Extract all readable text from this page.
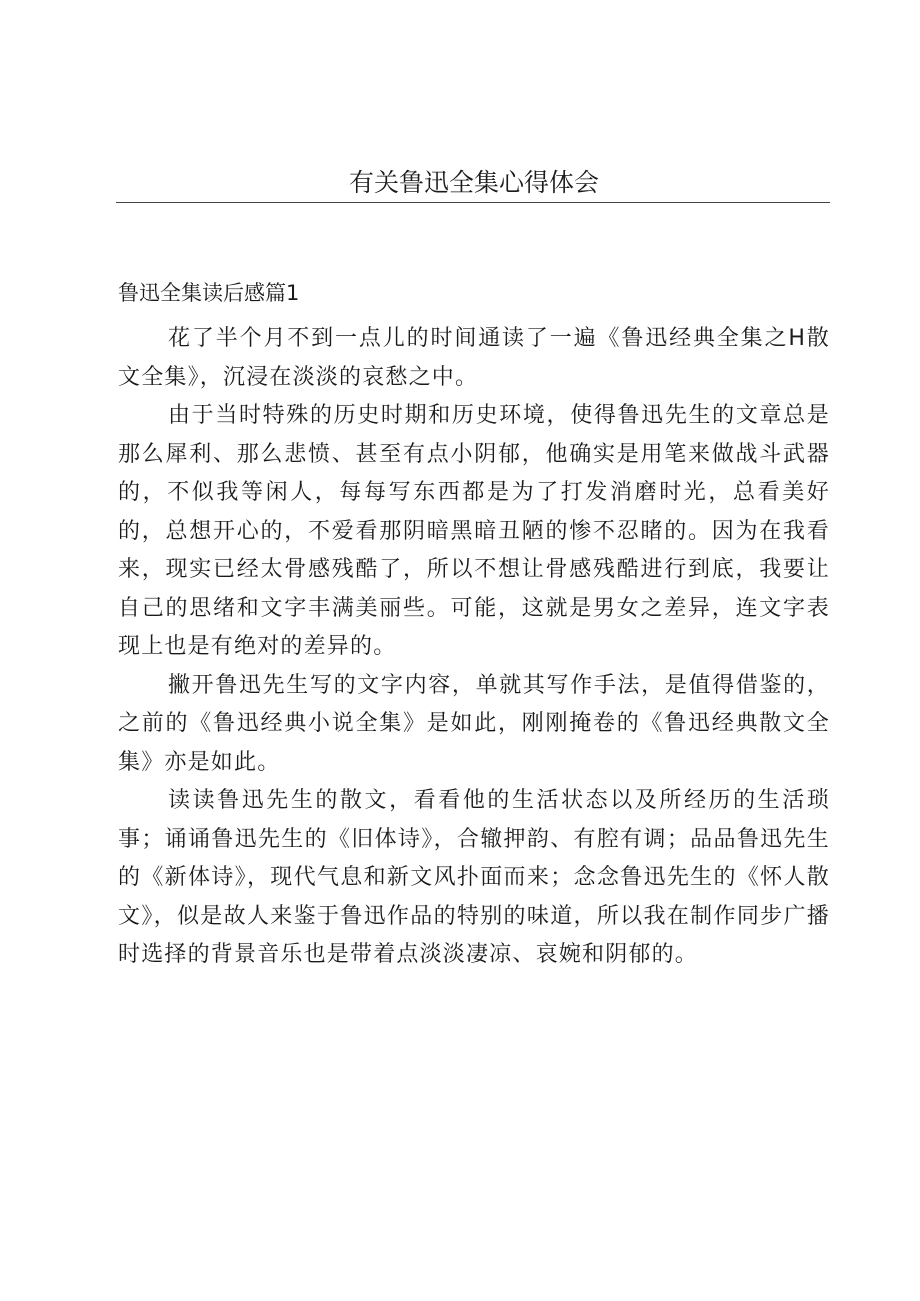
有关鲁迅全集心得体会
鲁迅全集读后感篇1

花了半个月不到一点儿的时间通读了一遍《鲁迅经典全集之H散文全集》，沉浸在淡淡的哀愁之中。

由于当时特殊的历史时期和历史环境，使得鲁迅先生的文章总是那么犀利、那么悲愤、甚至有点小阴郁，他确实是用笔来做战斗武器的，不似我等闲人，每每写东西都是为了打发消磨时光，总看美好的，总想开心的，不爱看那阴暗黑暗丑陋的惨不忍睹的。因为在我看来，现实已经太骨感残酷了，所以不想让骨感残酷进行到底，我要让自己的思绪和文字丰满美丽些。可能，这就是男女之差异，连文字表现上也是有绝对的差异的。

撇开鲁迅先生写的文字内容，单就其写作手法，是值得借鉴的，之前的《鲁迅经典小说全集》是如此，刚刚掩卷的《鲁迅经典散文全集》亦是如此。

读读鲁迅先生的散文，看看他的生活状态以及所经历的生活琐事；诵诵鲁迅先生的《旧体诗》，合辙押韵、有腔有调；品品鲁迅先生的《新体诗》，现代气息和新文风扑面而来；念念鲁迅先生的《怀人散文》，似是故人来鉴于鲁迅作品的特别的味道，所以我在制作同步广播时选择的背景音乐也是带着点淡淡凄凉、哀婉和阴郁的。
